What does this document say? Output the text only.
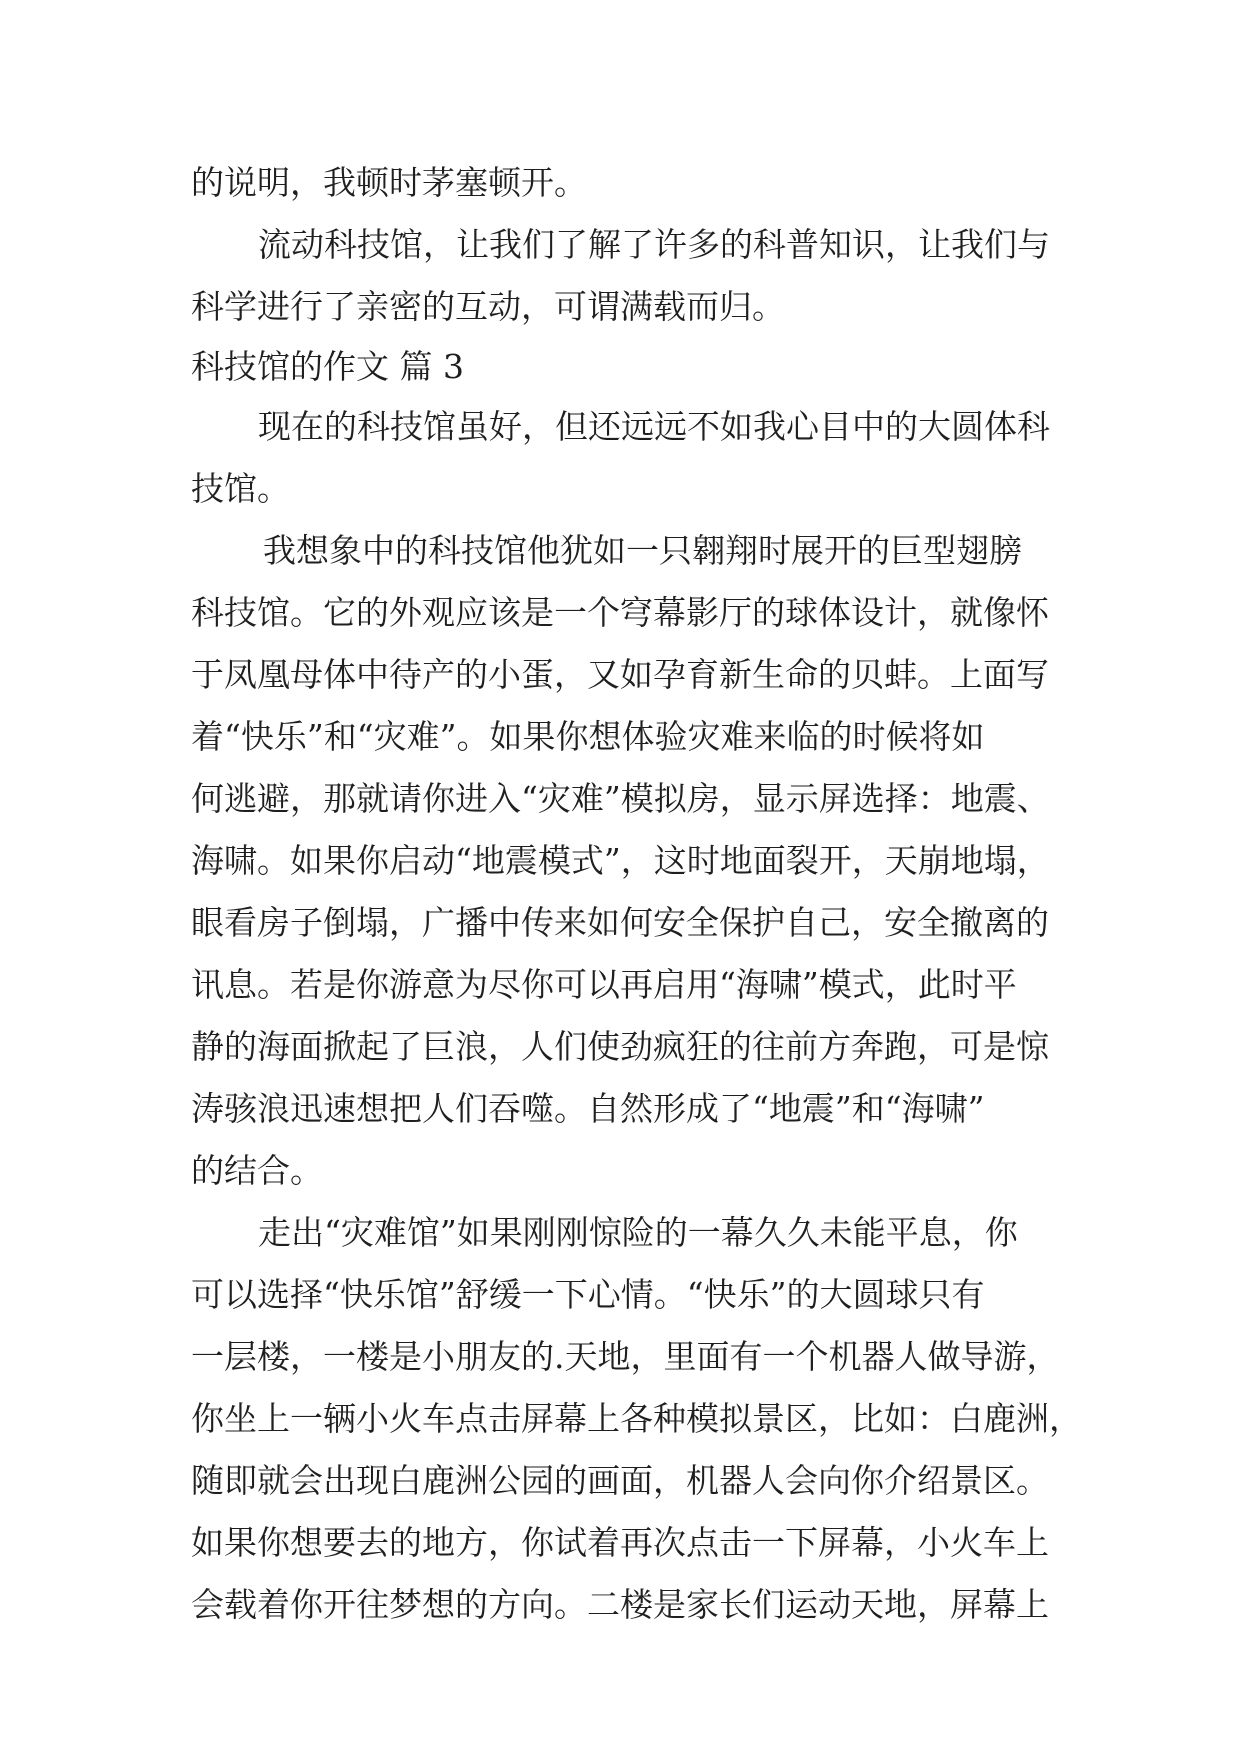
的说明，我顿时茅塞顿开。
流动科技馆，让我们了解了许多的科普知识，让我们与
科学进行了亲密的互动，可谓满载而归。
科技馆的作文 篇 3
现在的科技馆虽好，但还远远不如我心目中的大圆体科
技馆。
我想象中的科技馆他犹如一只翱翔时展开的巨型翅膀
科技馆。它的外观应该是一个穹幕影厅的球体设计，就像怀
于凤凰母体中待产的小蛋，又如孕育新生命的贝蚌。上面写
着“快乐”和“灾难”。如果你想体验灾难来临的时候将如
何逃避，那就请你进入“灾难”模拟房，显示屏选择：地震、
海啸。如果你启动“地震模式”，这时地面裂开，天崩地塌，
眼看房子倒塌，广播中传来如何安全保护自己，安全撤离的
讯息。若是你游意为尽你可以再启用“海啸”模式，此时平
静的海面掀起了巨浪，人们使劲疯狂的往前方奔跑，可是惊
涛骇浪迅速想把人们吞噬。自然形成了“地震”和“海啸”
的结合。
走出“灾难馆”如果刚刚惊险的一幕久久未能平息，你
可以选择“快乐馆”舒缓一下心情。“快乐”的大圆球只有
一层楼，一楼是小朋友的.天地，里面有一个机器人做导游，
你坐上一辆小火车点击屏幕上各种模拟景区，比如：白鹿洲，
随即就会出现白鹿洲公园的画面，机器人会向你介绍景区。
如果你想要去的地方，你试着再次点击一下屏幕，小火车上
会载着你开往梦想的方向。二楼是家长们运动天地，屏幕上
